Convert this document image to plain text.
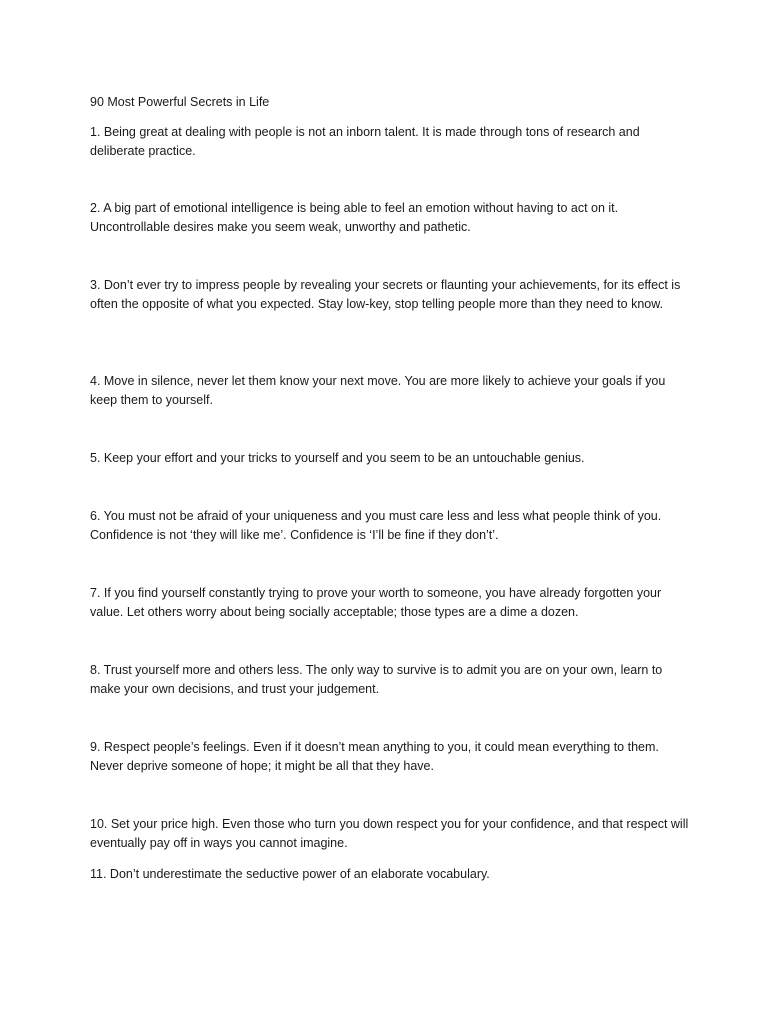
90 Most Powerful Secrets in Life

1. Being great at dealing with people is not an inborn talent. It is made through tons of research and deliberate practice.

2. A big part of emotional intelligence is being able to feel an emotion without having to act on it. Uncontrollable desires make you seem weak, unworthy and pathetic.

3. Don’t ever try to impress people by revealing your secrets or flaunting your achievements, for its effect is often the opposite of what you expected. Stay low-key, stop telling people more than they need to know.

4. Move in silence, never let them know your next move. You are more likely to achieve your goals if you keep them to yourself.

5. Keep your effort and your tricks to yourself and you seem to be an untouchable genius.

6. You must not be afraid of your uniqueness and you must care less and less what people think of you. Confidence is not ‘they will like me’. Confidence is ‘I’ll be fine if they don’t’.

7. If you find yourself constantly trying to prove your worth to someone, you have already forgotten your value. Let others worry about being socially acceptable; those types are a dime a dozen.

8. Trust yourself more and others less. The only way to survive is to admit you are on your own, learn to make your own decisions, and trust your judgement.

9. Respect people’s feelings. Even if it doesn’t mean anything to you, it could mean everything to them. Never deprive someone of hope; it might be all that they have.

10. Set your price high. Even those who turn you down respect you for your confidence, and that respect will eventually pay off in ways you cannot imagine.

11. Don’t underestimate the seductive power of an elaborate vocabulary.
